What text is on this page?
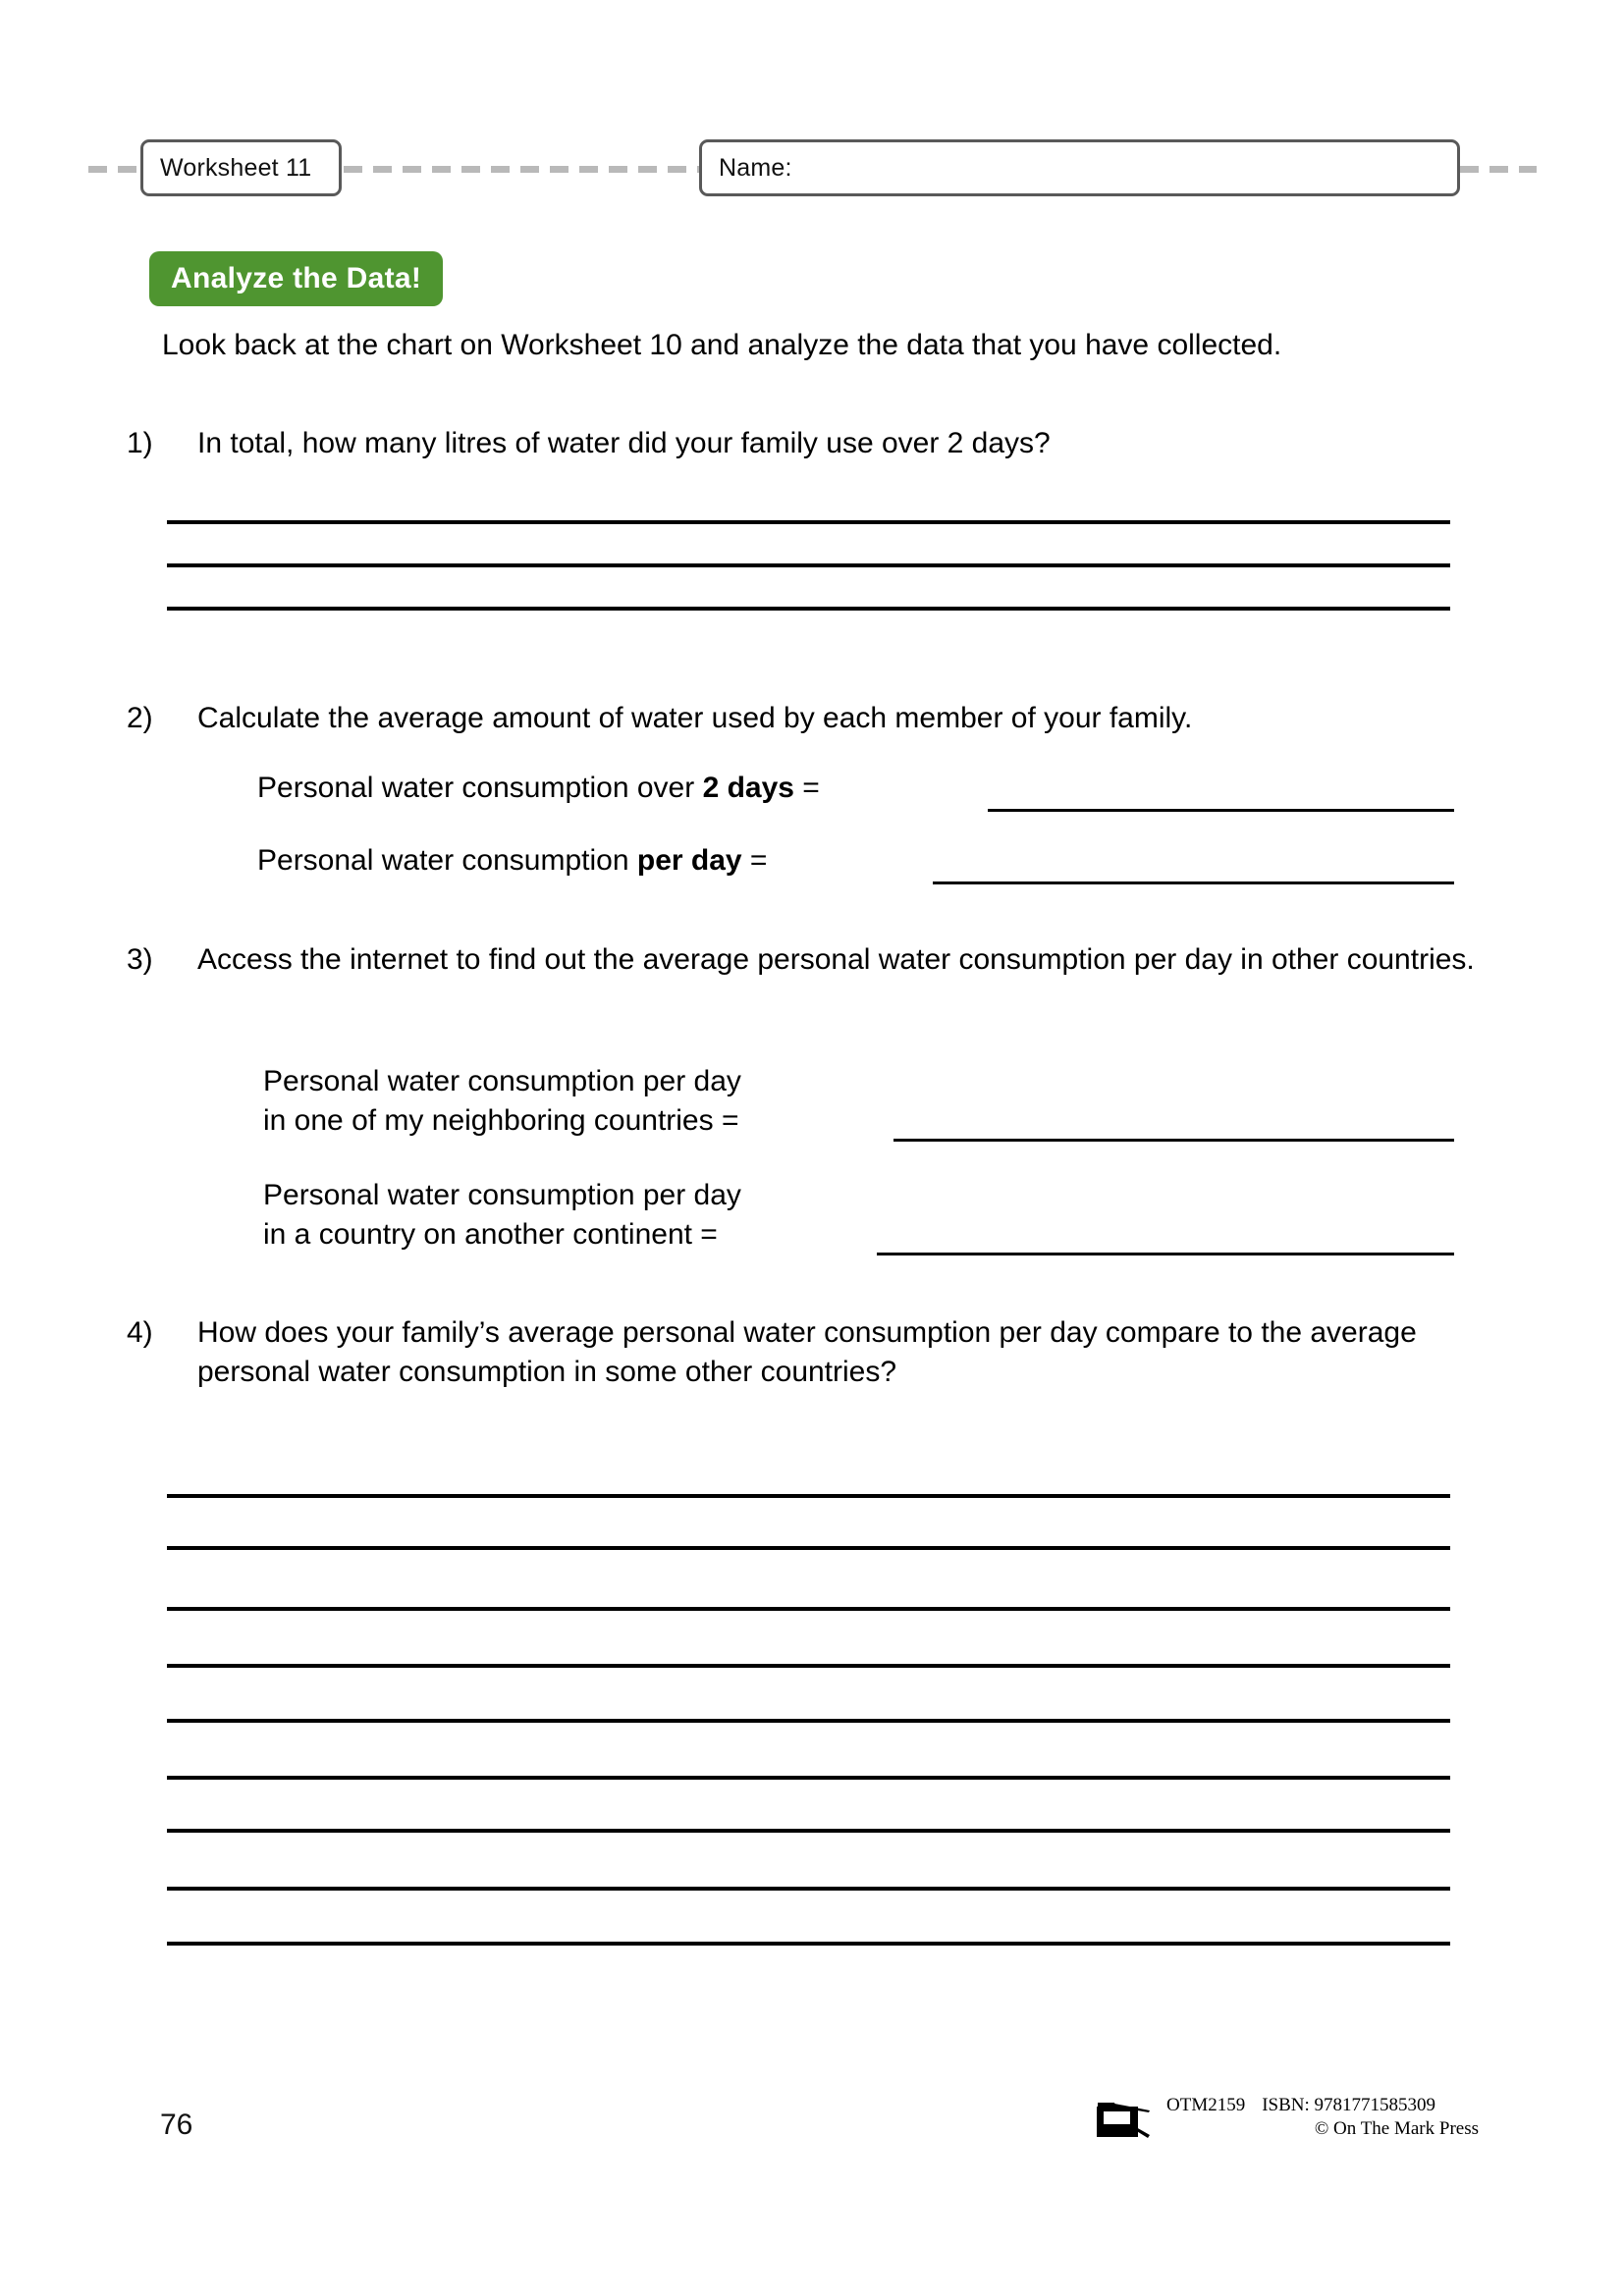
Worksheet 11	Name:
Analyze the Data!
Look back at the chart on Worksheet 10 and analyze the data that you have collected.
1) In total, how many litres of water did your family use over 2 days?
2) Calculate the average amount of water used by each member of your family.
Personal water consumption over 2 days =
Personal water consumption per day =
3) Access the internet to find out the average personal water consumption per day in other countries.
Personal water consumption per day
in one of my neighboring countries =
Personal water consumption per day
in a country on another continent =
4) How does your family’s average personal water consumption per day compare to the average personal water consumption in some other countries?
76
OTM2159 ISBN: 9781771585309
© On The Mark Press
